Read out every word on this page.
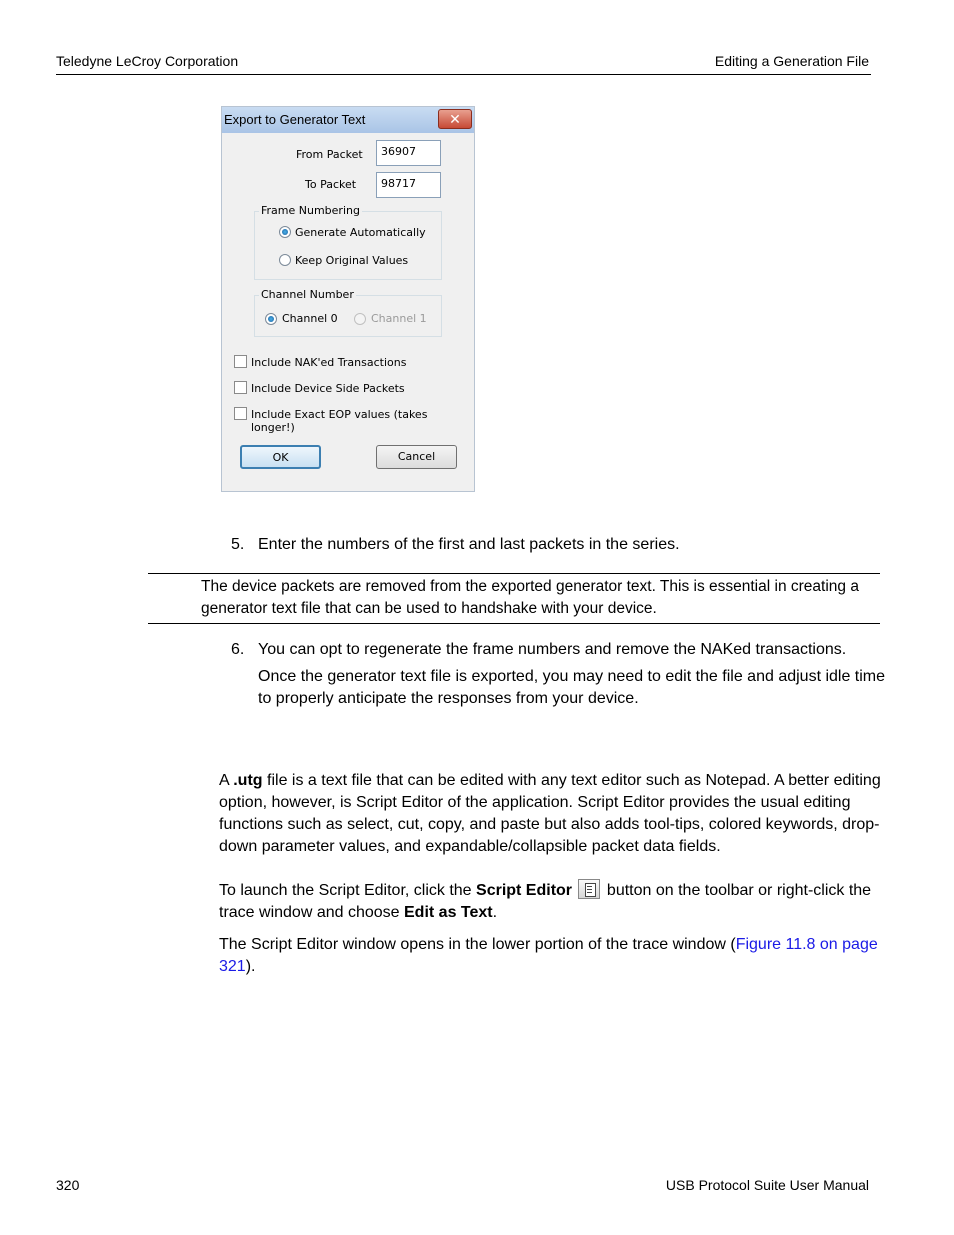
Teledyne LeCroy Corporation	Editing a Generation File
Export to Generator Text	✕
From Packet	36907
To Packet	98717
Frame Numbering
Generate Automatically
Keep Original Values
Channel Number
Channel 0	Channel 1
Include NAK'ed Transactions
Include Device Side Packets
Include Exact EOP values (takes longer!)
OK	Cancel
5. Enter the numbers of the first and last packets in the series.
The device packets are removed from the exported generator text. This is essential in creating a generator text file that can be used to handshake with your device.
6. You can opt to regenerate the frame numbers and remove the NAKed transactions.
Once the generator text file is exported, you may need to edit the file and adjust idle time to properly anticipate the responses from your device.
A .utg file is a text file that can be edited with any text editor such as Notepad. A better editing option, however, is Script Editor of the application. Script Editor provides the usual editing functions such as select, cut, copy, and paste but also adds tool-tips, colored keywords, drop-down parameter values, and expandable/collapsible packet data fields.
To launch the Script Editor, click the Script Editor  button on the toolbar or right-click the trace window and choose Edit as Text.
The Script Editor window opens in the lower portion of the trace window (Figure 11.8 on page 321).
320	USB Protocol Suite User Manual
